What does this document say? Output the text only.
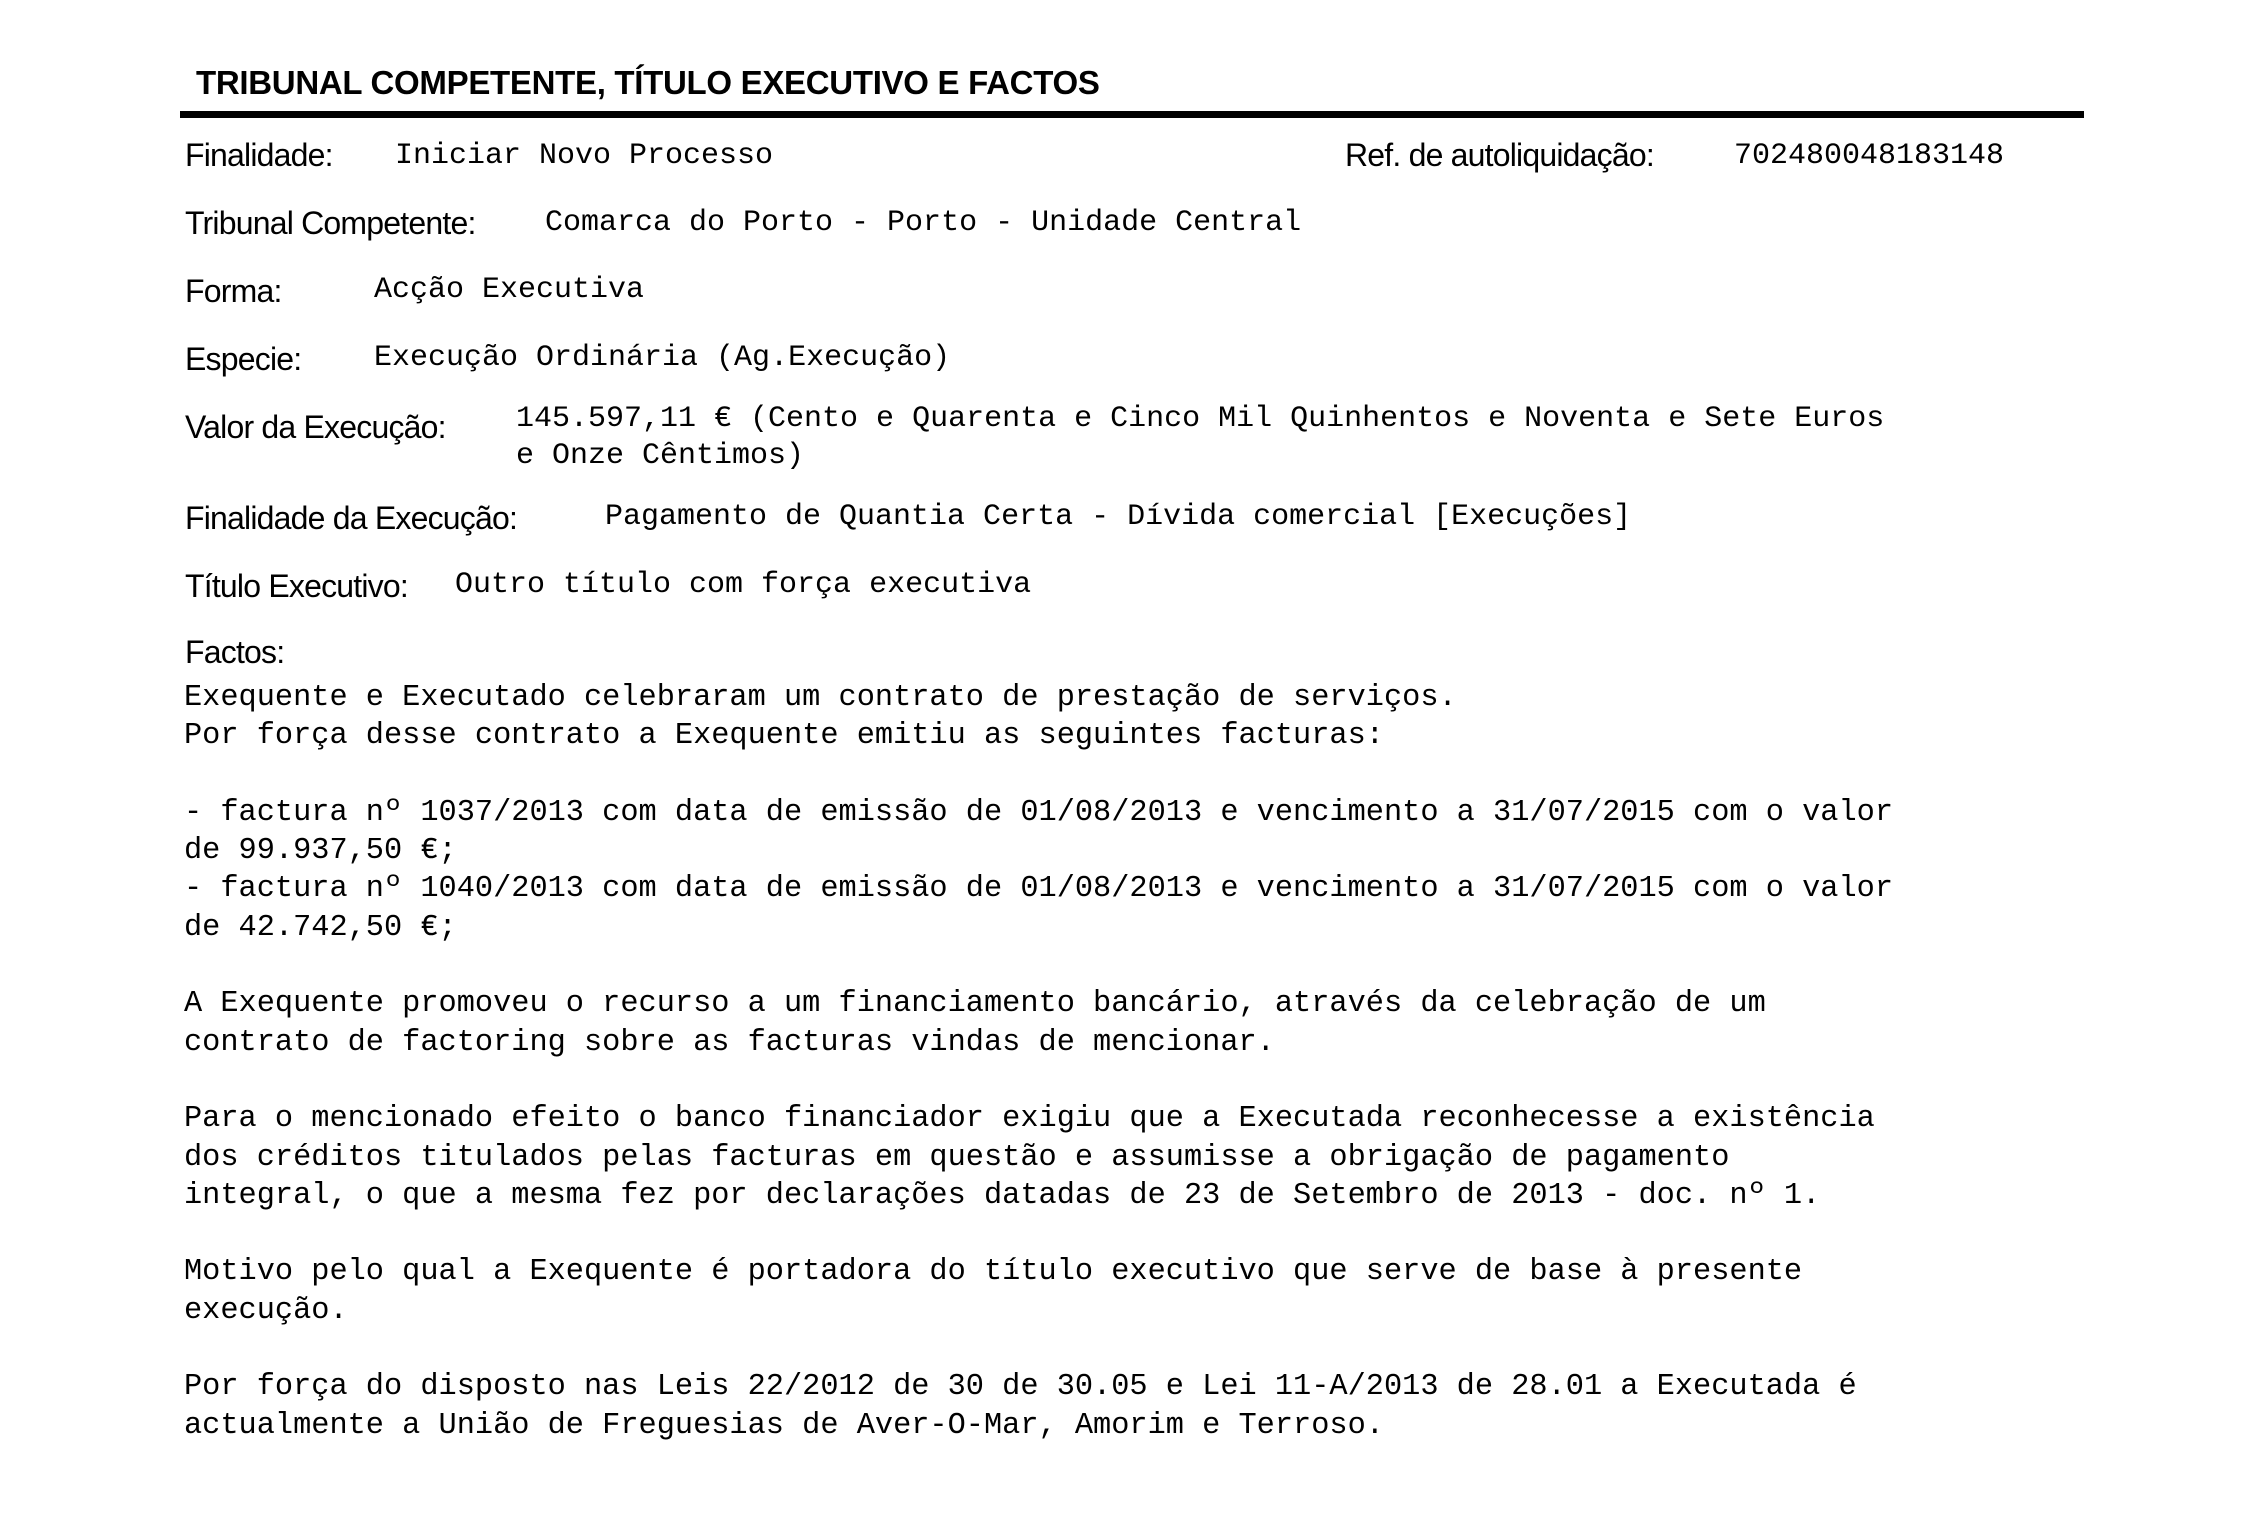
TRIBUNAL COMPETENTE, TÍTULO EXECUTIVO E FACTOS
Finalidade: Iniciar Novo Processo	Ref. de autoliquidação:	702480048183148
Tribunal Competente: Comarca do Porto - Porto - Unidade Central
Forma:	Acção Executiva
Especie: Execução Ordinária (Ag.Execução)
Valor da Execução: 145.597,11 € (Cento e Quarenta e Cinco Mil Quinhentos e Noventa e Sete Euros
e Onze Cêntimos)
Finalidade da Execução:	Pagamento de Quantia Certa - Dívida comercial [Execuções]
Título Executivo: Outro título com força executiva
Factos:
Exequente e Executado celebraram um contrato de prestação de serviços.
Por força desse contrato a Exequente emitiu as seguintes facturas:

- factura nº 1037/2013 com data de emissão de 01/08/2013 e vencimento a 31/07/2015 com o valor
de 99.937,50 €;
- factura nº 1040/2013 com data de emissão de 01/08/2013 e vencimento a 31/07/2015 com o valor
de 42.742,50 €;

A Exequente promoveu o recurso a um financiamento bancário, através da celebração de um
contrato de factoring sobre as facturas vindas de mencionar.

Para o mencionado efeito o banco financiador exigiu que a Executada reconhecesse a existência
dos créditos titulados pelas facturas em questão e assumisse a obrigação de pagamento
integral, o que a mesma fez por declarações datadas de 23 de Setembro de 2013 - doc. nº 1.

Motivo pelo qual a Exequente é portadora do título executivo que serve de base à presente
execução.

Por força do disposto nas Leis 22/2012 de 30 de 30.05 e Lei 11-A/2013 de 28.01 a Executada é
actualmente a União de Freguesias de Aver-O-Mar, Amorim e Terroso.
